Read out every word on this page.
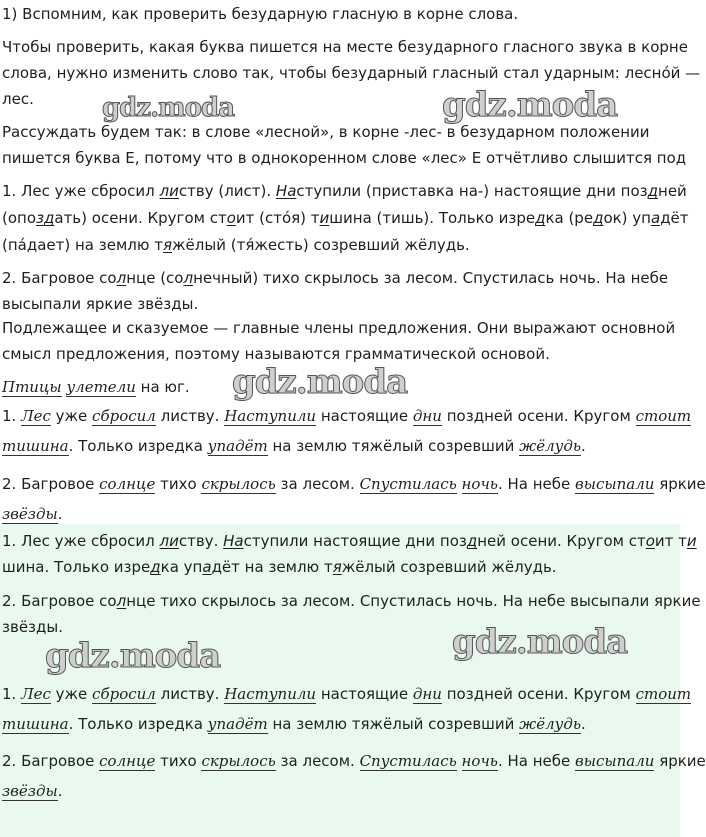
1) Вспомним, как проверить безударную гласную в корне слова.
Чтобы проверить, какая буква пишется на месте безударного гласного звука в корне
слова, нужно изменить слово так, чтобы безударный гласный стал ударным: лесно́й —
лес.
Рассуждать будем так: в слове «лесной», в корне -лес- в безударном положении
пишется буква Е, потому что в однокоренном слове «лес» Е отчётливо слышится под
1. Лес уже сбросил листву (лист). Наступили (приставка на-) настоящие дни поздней
(опоздать) осени. Кругом стоит (сто́я) тишина (тишь). Только изредка (редок) упадёт
(па́дает) на землю тяжёлый (тя́жесть) созревший жёлудь.
2. Багровое солнце (солнечный) тихо скрылось за лесом. Спустилась ночь. На небе
высыпали яркие звёзды.
Подлежащее и сказуемое — главные члены предложения. Они выражают основной
смысл предложения, поэтому называются грамматической основой.
Птицы улетели на юг.
1. Лес уже сбросил листву. Наступили настоящие дни поздней осени. Кругом стоит
тишина. Только изредка упадёт на землю тяжёлый созревший жёлудь.
2. Багровое солнце тихо скрылось за лесом. Спустилась ночь. На небе высыпали яркие
звёзды.
1. Лес уже сбросил листву. Наступили настоящие дни поздней осени. Кругом стоит ти
шина. Только изредка упадёт на землю тяжёлый созревший жёлудь.
2. Багровое солнце тихо скрылось за лесом. Спустилась ночь. На небе высыпали яркие
звёзды.
1. Лес уже сбросил листву. Наступили настоящие дни поздней осени. Кругом стоит
тишина. Только изредка упадёт на землю тяжёлый созревший жёлудь.
2. Багровое солнце тихо скрылось за лесом. Спустилась ночь. На небе высыпали яркие
звёзды.
gdz.moda	gdz.moda
gdz.moda
gdz.moda
gdz.moda
